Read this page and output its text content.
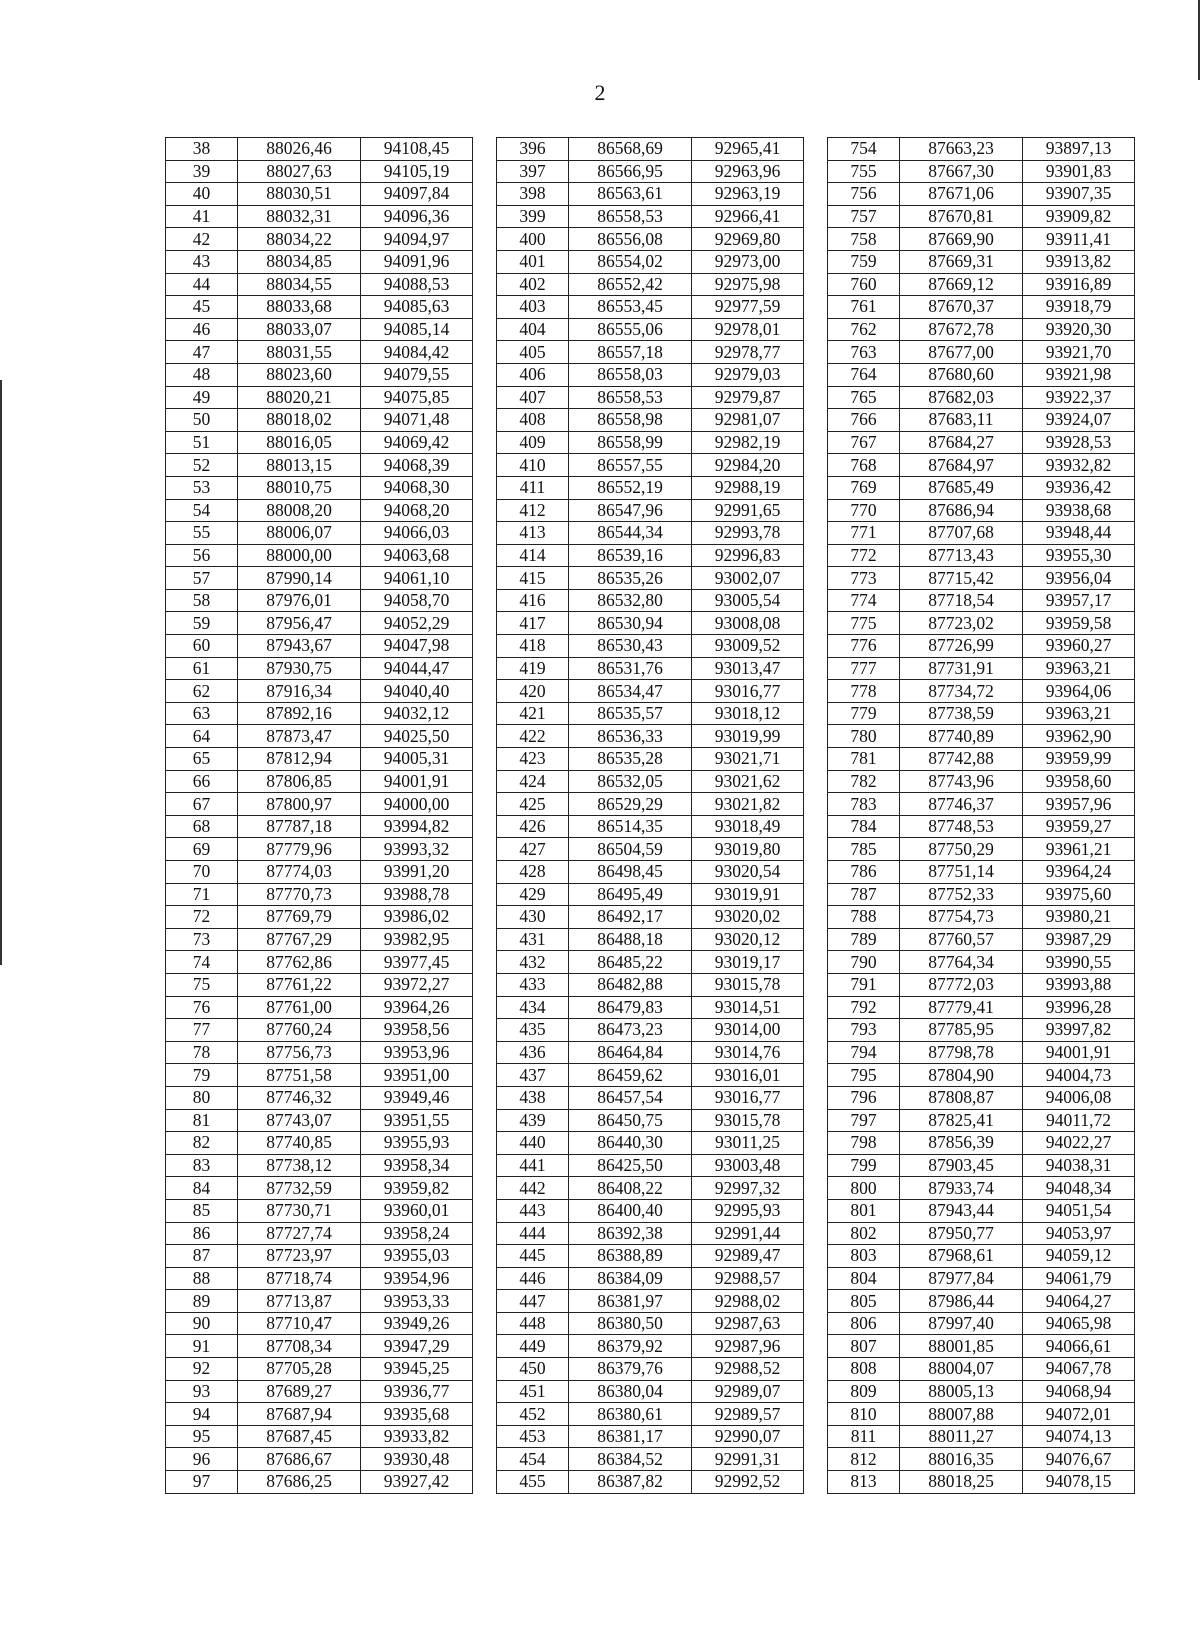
2
38	88026,46	94108,45		396	86568,69	92965,41		754	87663,23	93897,13
39	88027,63	94105,19		397	86566,95	92963,96		755	87667,30	93901,83
40	88030,51	94097,84		398	86563,61	92963,19		756	87671,06	93907,35
41	88032,31	94096,36		399	86558,53	92966,41		757	87670,81	93909,82
42	88034,22	94094,97		400	86556,08	92969,80		758	87669,90	93911,41
43	88034,85	94091,96		401	86554,02	92973,00		759	87669,31	93913,82
44	88034,55	94088,53		402	86552,42	92975,98		760	87669,12	93916,89
45	88033,68	94085,63		403	86553,45	92977,59		761	87670,37	93918,79
46	88033,07	94085,14		404	86555,06	92978,01		762	87672,78	93920,30
47	88031,55	94084,42		405	86557,18	92978,77		763	87677,00	93921,70
48	88023,60	94079,55		406	86558,03	92979,03		764	87680,60	93921,98
49	88020,21	94075,85		407	86558,53	92979,87		765	87682,03	93922,37
50	88018,02	94071,48		408	86558,98	92981,07		766	87683,11	93924,07
51	88016,05	94069,42		409	86558,99	92982,19		767	87684,27	93928,53
52	88013,15	94068,39		410	86557,55	92984,20		768	87684,97	93932,82
53	88010,75	94068,30		411	86552,19	92988,19		769	87685,49	93936,42
54	88008,20	94068,20		412	86547,96	92991,65		770	87686,94	93938,68
55	88006,07	94066,03		413	86544,34	92993,78		771	87707,68	93948,44
56	88000,00	94063,68		414	86539,16	92996,83		772	87713,43	93955,30
57	87990,14	94061,10		415	86535,26	93002,07		773	87715,42	93956,04
58	87976,01	94058,70		416	86532,80	93005,54		774	87718,54	93957,17
59	87956,47	94052,29		417	86530,94	93008,08		775	87723,02	93959,58
60	87943,67	94047,98		418	86530,43	93009,52		776	87726,99	93960,27
61	87930,75	94044,47		419	86531,76	93013,47		777	87731,91	93963,21
62	87916,34	94040,40		420	86534,47	93016,77		778	87734,72	93964,06
63	87892,16	94032,12		421	86535,57	93018,12		779	87738,59	93963,21
64	87873,47	94025,50		422	86536,33	93019,99		780	87740,89	93962,90
65	87812,94	94005,31		423	86535,28	93021,71		781	87742,88	93959,99
66	87806,85	94001,91		424	86532,05	93021,62		782	87743,96	93958,60
67	87800,97	94000,00		425	86529,29	93021,82		783	87746,37	93957,96
68	87787,18	93994,82		426	86514,35	93018,49		784	87748,53	93959,27
69	87779,96	93993,32		427	86504,59	93019,80		785	87750,29	93961,21
70	87774,03	93991,20		428	86498,45	93020,54		786	87751,14	93964,24
71	87770,73	93988,78		429	86495,49	93019,91		787	87752,33	93975,60
72	87769,79	93986,02		430	86492,17	93020,02		788	87754,73	93980,21
73	87767,29	93982,95		431	86488,18	93020,12		789	87760,57	93987,29
74	87762,86	93977,45		432	86485,22	93019,17		790	87764,34	93990,55
75	87761,22	93972,27		433	86482,88	93015,78		791	87772,03	93993,88
76	87761,00	93964,26		434	86479,83	93014,51		792	87779,41	93996,28
77	87760,24	93958,56		435	86473,23	93014,00		793	87785,95	93997,82
78	87756,73	93953,96		436	86464,84	93014,76		794	87798,78	94001,91
79	87751,58	93951,00		437	86459,62	93016,01		795	87804,90	94004,73
80	87746,32	93949,46		438	86457,54	93016,77		796	87808,87	94006,08
81	87743,07	93951,55		439	86450,75	93015,78		797	87825,41	94011,72
82	87740,85	93955,93		440	86440,30	93011,25		798	87856,39	94022,27
83	87738,12	93958,34		441	86425,50	93003,48		799	87903,45	94038,31
84	87732,59	93959,82		442	86408,22	92997,32		800	87933,74	94048,34
85	87730,71	93960,01		443	86400,40	92995,93		801	87943,44	94051,54
86	87727,74	93958,24		444	86392,38	92991,44		802	87950,77	94053,97
87	87723,97	93955,03		445	86388,89	92989,47		803	87968,61	94059,12
88	87718,74	93954,96		446	86384,09	92988,57		804	87977,84	94061,79
89	87713,87	93953,33		447	86381,97	92988,02		805	87986,44	94064,27
90	87710,47	93949,26		448	86380,50	92987,63		806	87997,40	94065,98
91	87708,34	93947,29		449	86379,92	92987,96		807	88001,85	94066,61
92	87705,28	93945,25		450	86379,76	92988,52		808	88004,07	94067,78
93	87689,27	93936,77		451	86380,04	92989,07		809	88005,13	94068,94
94	87687,94	93935,68		452	86380,61	92989,57		810	88007,88	94072,01
95	87687,45	93933,82		453	86381,17	92990,07		811	88011,27	94074,13
96	87686,67	93930,48		454	86384,52	92991,31		812	88016,35	94076,67
97	87686,25	93927,42		455	86387,82	92992,52		813	88018,25	94078,15
